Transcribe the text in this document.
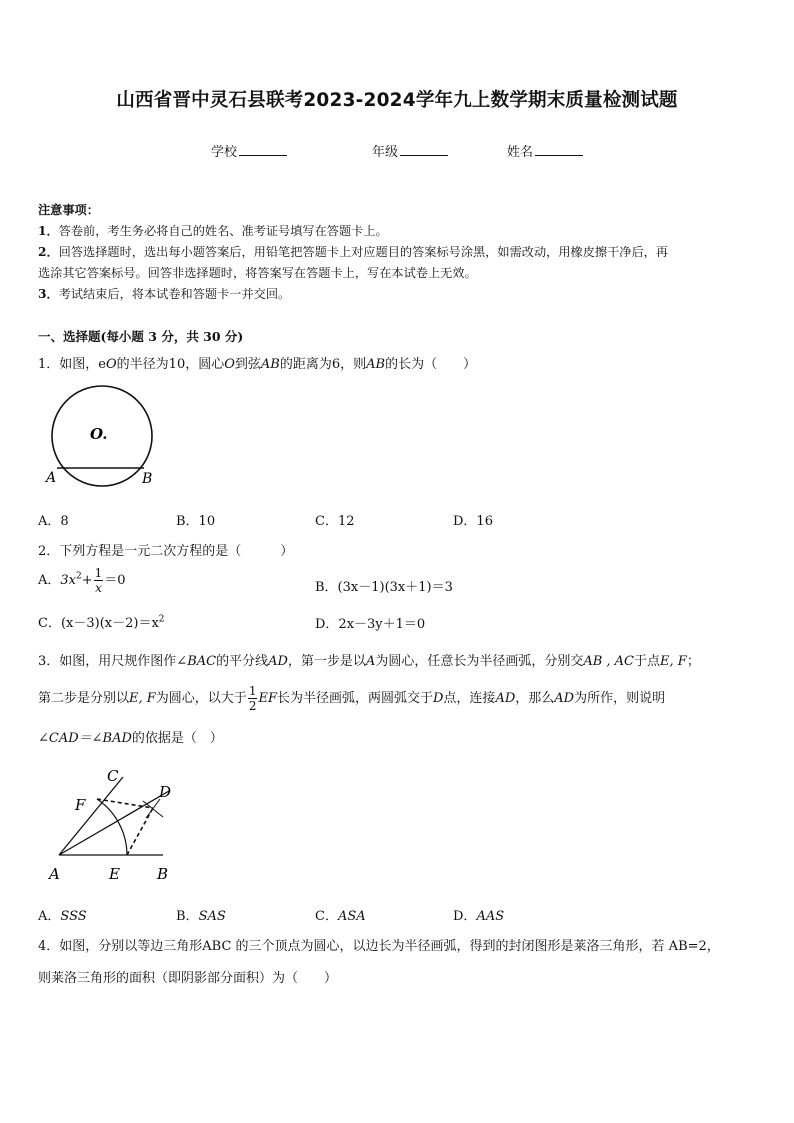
山西省晋中灵石县联考2023-2024学年九上数学期末质量检测试题
学校	年级	姓名
注意事项：
1．答卷前，考生务必将自己的姓名、准考证号填写在答题卡上。
2．回答选择题时，选出每小题答案后，用铅笔把答题卡上对应题目的答案标号涂黑，如需改动，用橡皮擦干净后，再
选涂其它答案标号。回答非选择题时，将答案写在答题卡上，写在本试卷上无效。
3．考试结束后，将本试卷和答题卡一并交回。
一、选择题(每小题 3 分，共 30 分)
1．如图，eO的半径为10，圆心O到弦AB的距离为6，则AB的长为（　　）
O.
A	B
A．8	B．10	C．12	D．16
2．下列方程是一元二次方程的是（　　　）
A．$3x^2+ \frac{1}{x} =0$	B．(3x－1)(3x＋1)＝3
C．$(x-3)(x-2)=x^2$	D．2x－3y＋1＝0
3．如图，用尺规作图作∠BAC的平分线AD，第一步是以A为圆心，任意长为半径画弧，分别交AB , AC于点E, F；
第二步是分别以E, F为圆心，以大于 $\frac{1}{2}$ EF长为半径画弧，两圆弧交于D点，连接AD，那么AD为所作，则说明
∠CAD＝∠BAD的依据是（　）
C
D
F
A	E B
A．SSS	B．SAS	C．ASA	D．AAS
4．如图，分别以等边三角形ABC 的三个顶点为圆心，以边长为半径画弧，得到的封闭图形是莱洛三角形，若 AB=2，
则莱洛三角形的面积（即阴影部分面积）为（　　）
